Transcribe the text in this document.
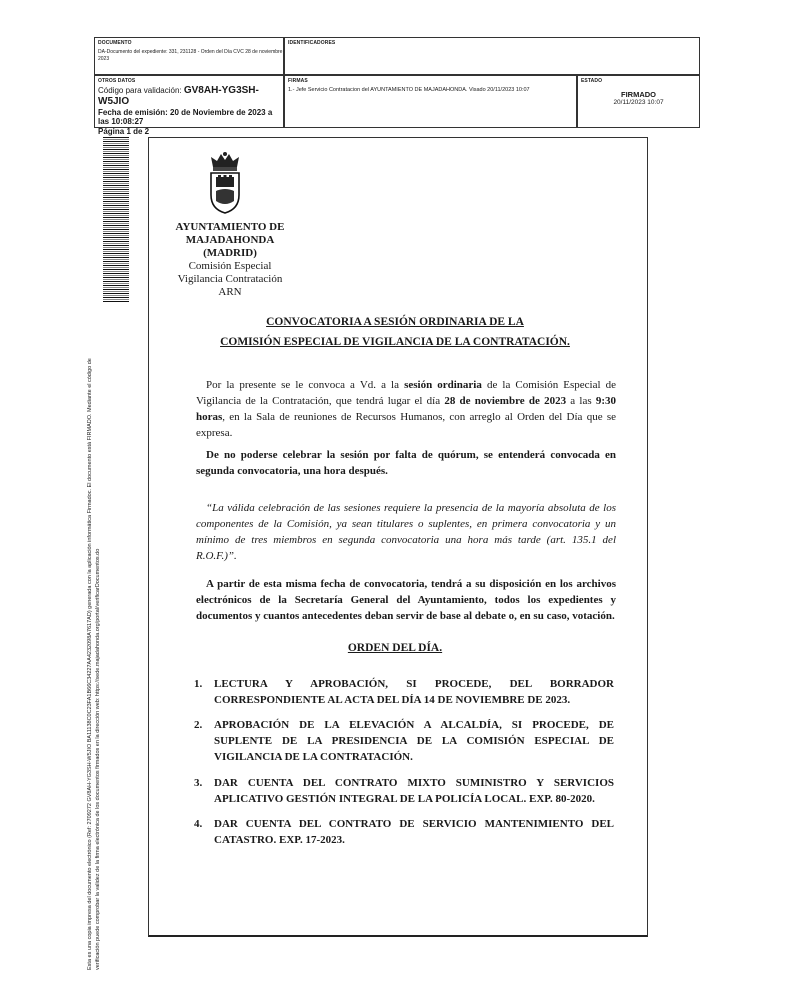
DOCUMENTO
DA-Documento del expediente: 331, 231128 - Orden del Día CVC 28 de noviembre 2023
IDENTIFICADORES
OTROS DATOS
Código para validación: GV8AH-YG3SH-W5JIO
Fecha de emisión: 20 de Noviembre de 2023 a las 10:08:27
Página 1 de 2
FIRMAS
1.- Jefe Servicio Contratacion del AYUNTAMIENTO DE MAJADAHONDA. Visado 20/11/2023 10:07
ESTADO
FIRMADO
20/11/2023 10:07
Esta es una copia impresa del documento electrónico (Ref: 2709272 GV8AH-YG3SH-W5JIO BA11138C0C23FA1B66C34227AA4232098A7617AD) generada con la aplicación informática Firmadoc. El documento está FIRMADO. Mediante el código de verificación puede comprobar la validez de la firma electrónica de los documentos firmados en la dirección web: https://sede.majadahonda.org/portal/verificarDocumentos.do
AYUNTAMIENTO DE
MAJADAHONDA
(MADRID)
Comisión Especial
Vigilancia Contratación
ARN
CONVOCATORIA A SESIÓN ORDINARIA DE LA
COMISIÓN ESPECIAL DE VIGILANCIA DE LA CONTRATACIÓN.
Por la presente se le convoca a Vd. a la sesión ordinaria de la Comisión Especial de Vigilancia de la Contratación, que tendrá lugar el día 28 de noviembre de 2023 a las 9:30 horas, en la Sala de reuniones de Recursos Humanos, con arreglo al Orden del Día que se expresa.
De no poderse celebrar la sesión por falta de quórum, se entenderá convocada en segunda convocatoria, una hora después.
“La válida celebración de las sesiones requiere la presencia de la mayoría absoluta de los componentes de la Comisión, ya sean titulares o suplentes, en primera convocatoria y un mínimo de tres miembros en segunda convocatoria una hora más tarde (art. 135.1 del R.O.F.)”.
A partir de esta misma fecha de convocatoria, tendrá a su disposición en los archivos electrónicos de la Secretaría General del Ayuntamiento, todos los expedientes y documentos y cuantos antecedentes deban servir de base al debate o, en su caso, votación.
ORDEN DEL DÍA.
1. LECTURA Y APROBACIÓN, SI PROCEDE, DEL BORRADOR CORRESPONDIENTE AL ACTA DEL DÍA 14 DE NOVIEMBRE DE 2023.
2. APROBACIÓN DE LA ELEVACIÓN A ALCALDÍA, SI PROCEDE, DE SUPLENTE DE LA PRESIDENCIA DE LA COMISIÓN ESPECIAL DE VIGILANCIA DE LA CONTRATACIÓN.
3. DAR CUENTA DEL CONTRATO MIXTO SUMINISTRO Y SERVICIOS APLICATIVO GESTIÓN INTEGRAL DE LA POLICÍA LOCAL. EXP. 80-2020.
4. DAR CUENTA DEL CONTRATO DE SERVICIO MANTENIMIENTO DEL CATASTRO. EXP. 17-2023.
